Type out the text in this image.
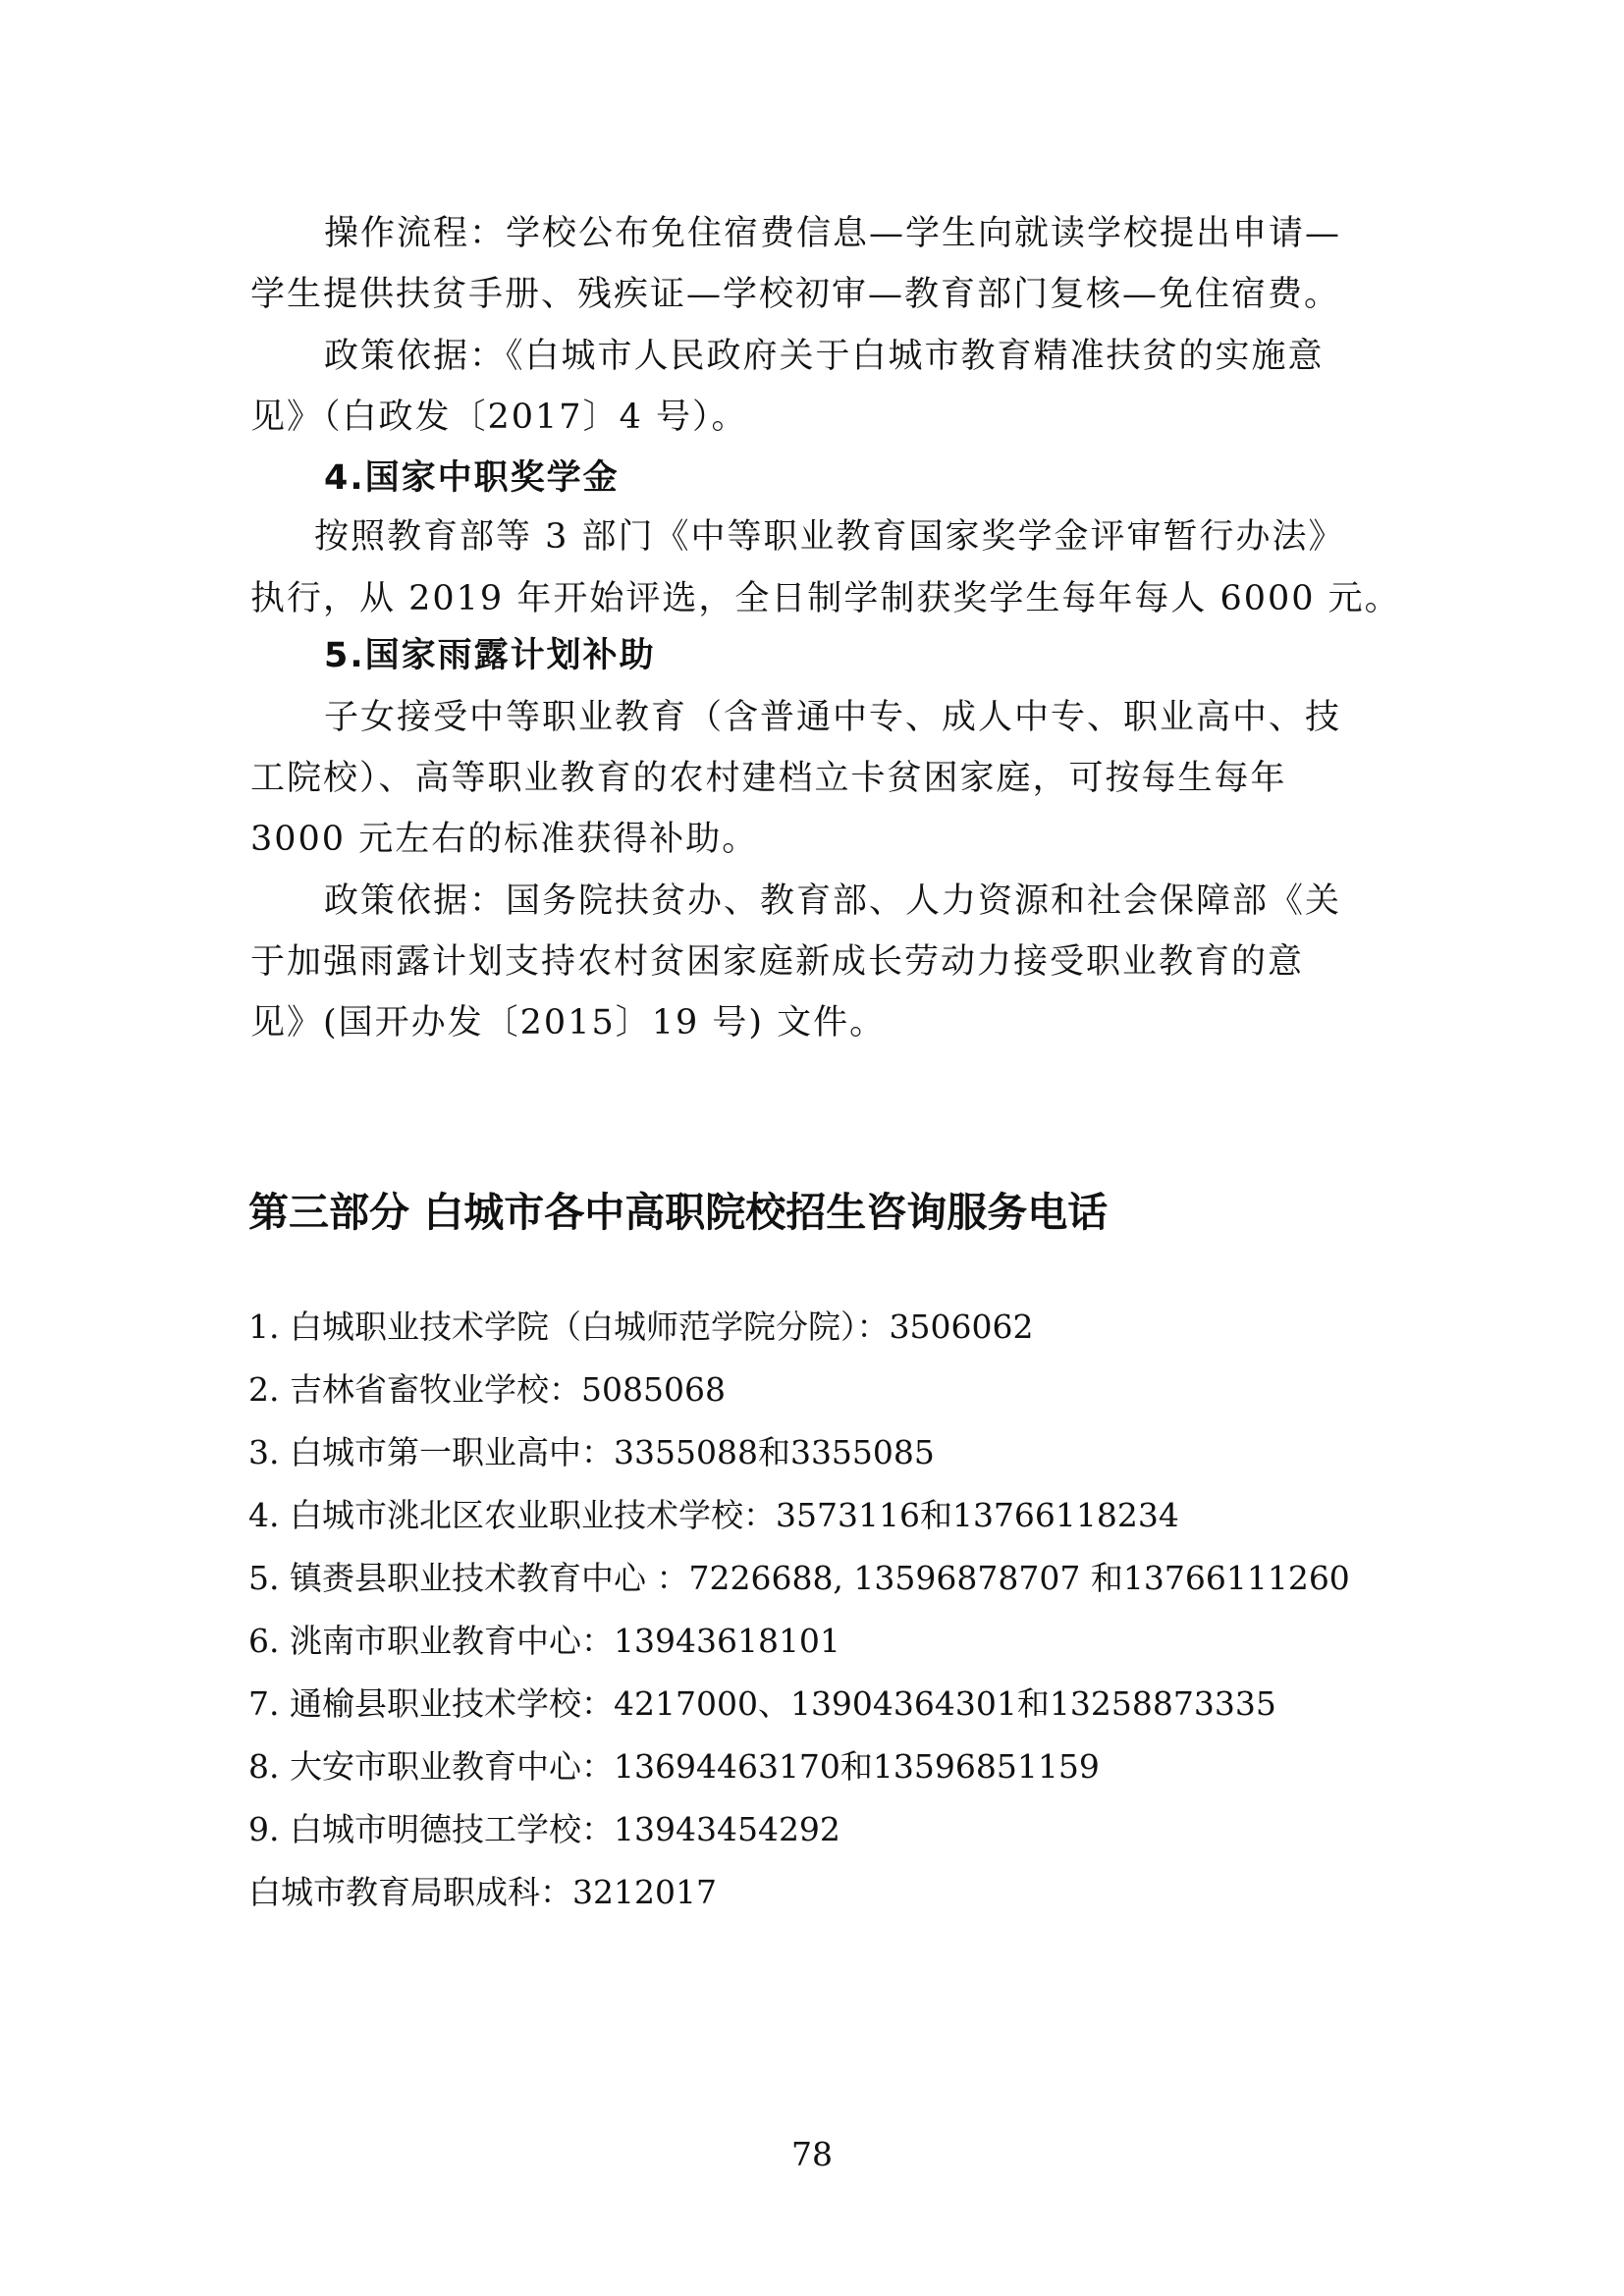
操作流程：学校公布免住宿费信息—学生向就读学校提出申请—
学生提供扶贫手册、残疾证—学校初审—教育部门复核—免住宿费。
政策依据：《白城市人民政府关于白城市教育精准扶贫的实施意
见》（白政发〔2017〕4 号）。
4.国家中职奖学金
按照教育部等 3 部门《中等职业教育国家奖学金评审暂行办法》
执行，从 2019 年开始评选，全日制学制获奖学生每年每人 6000 元。
5.国家雨露计划补助
子女接受中等职业教育（含普通中专、成人中专、职业高中、技
工院校）、高等职业教育的农村建档立卡贫困家庭，可按每生每年
3000 元左右的标准获得补助。
政策依据：国务院扶贫办、教育部、人力资源和社会保障部《关
于加强雨露计划支持农村贫困家庭新成长劳动力接受职业教育的意
见》(国开办发〔2015〕19 号) 文件。
第三部分 白城市各中高职院校招生咨询服务电话
1. 白城职业技术学院（白城师范学院分院）：3506062
2. 吉林省畜牧业学校：5085068
3. 白城市第一职业高中：3355088和3355085
4. 白城市洮北区农业职业技术学校：3573116和13766118234
5. 镇赉县职业技术教育中心 ：7226688, 13596878707 和13766111260
6. 洮南市职业教育中心：13943618101
7. 通榆县职业技术学校：4217000、13904364301和13258873335
8. 大安市职业教育中心：13694463170和13596851159
9. 白城市明德技工学校：13943454292
白城市教育局职成科：3212017
78
